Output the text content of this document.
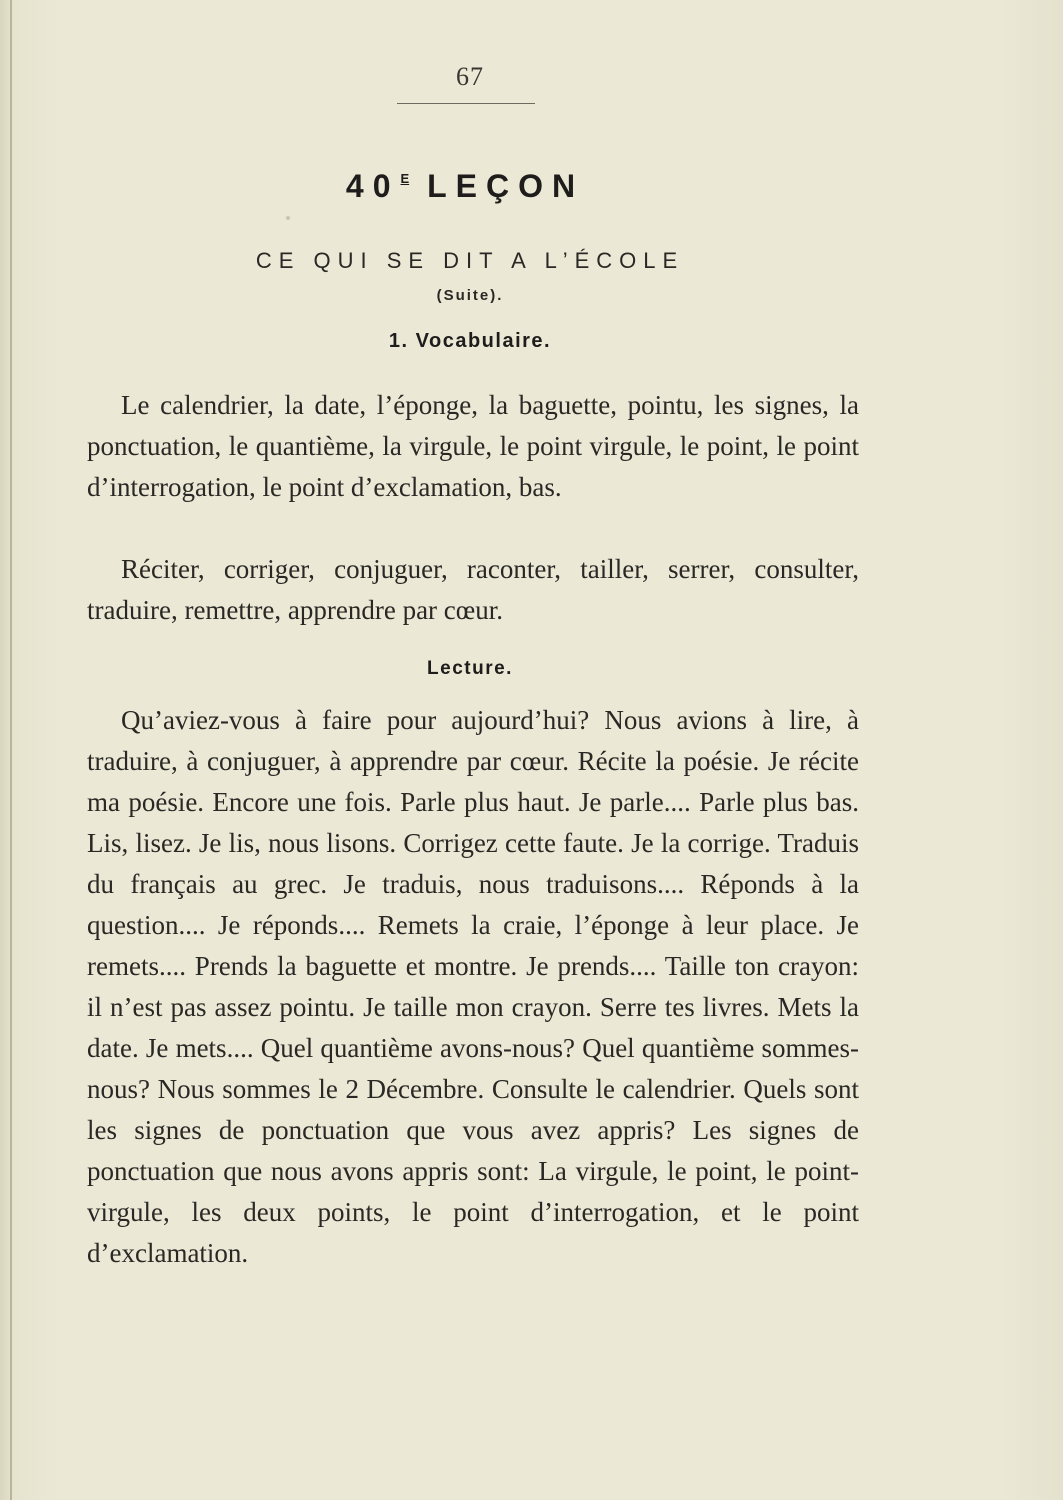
67
$40^E$ LEÇON
CE QUI SE DIT A L’ÉCOLE
(Suite).
1. Vocabulaire.

Le calendrier, la date, l’éponge, la baguette, pointu, les signes, la ponctuation, le quantième, la virgule, le point virgule, le point, le point d’interrogation, le point d’exclamation, bas.

Réciter, corriger, conjuguer, raconter, tailler, serrer, consulter, traduire, remettre, apprendre par cœur.

Lecture.

Qu’aviez-vous à faire pour aujourd’hui? Nous avions à lire, à traduire, à conjuguer, à apprendre par cœur. Récite la poésie. Je récite ma poésie. Encore une fois. Parle plus haut. Je parle.... Parle plus bas. Lis, lisez. Je lis, nous lisons. Corrigez cette faute. Je la corrige. Traduis du français au grec. Je traduis, nous traduisons.... Réponds à la question.... Je réponds.... Remets la craie, l’éponge à leur place. Je remets.... Prends la baguette et montre. Je prends.... Taille ton crayon: il n’est pas assez pointu. Je taille mon crayon. Serre tes livres. Mets la date. Je mets.... Quel quantième avons-nous? Quel quantième sommes-nous? Nous sommes le 2 Décembre. Consulte le calendrier. Quels sont les signes de ponctuation que vous avez appris? Les signes de ponctuation que nous avons appris sont: La virgule, le point, le point-virgule, les deux points, le point d’interrogation, et le point d’exclamation.
